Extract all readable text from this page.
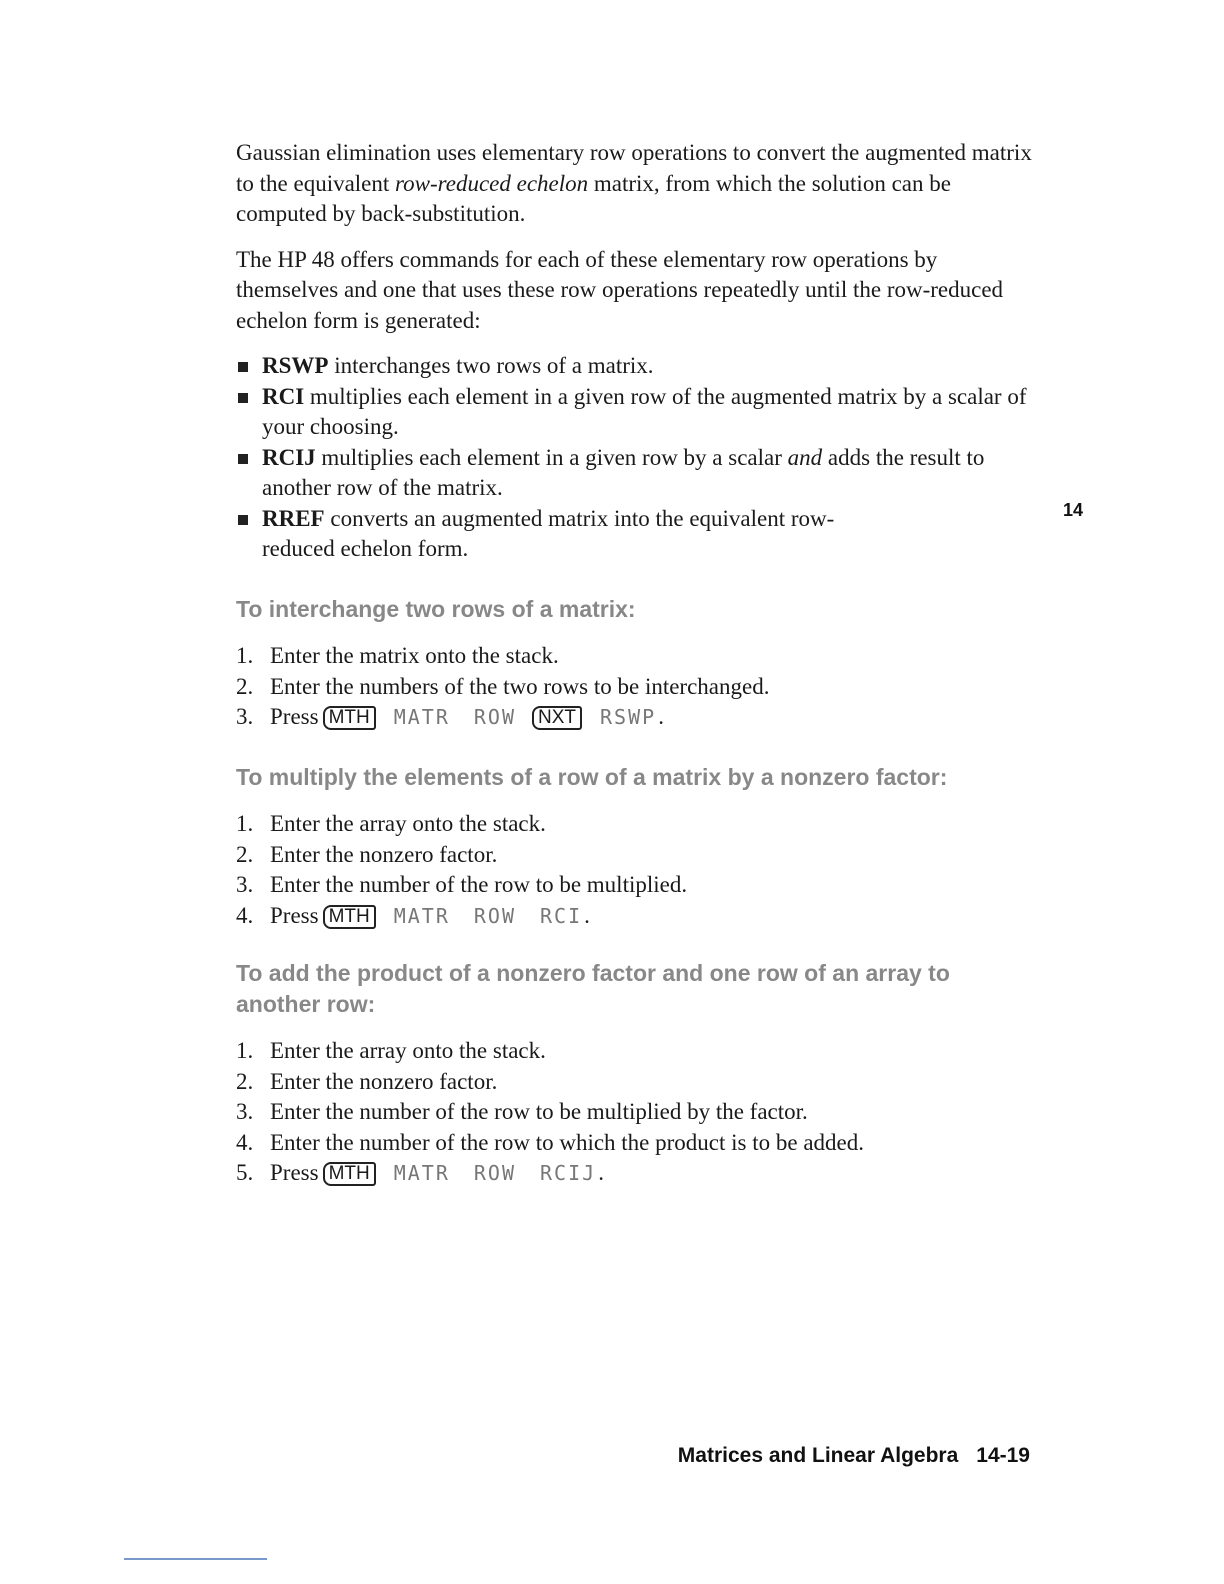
Gaussian elimination uses elementary row operations to convert the augmented matrix to the equivalent row-reduced echelon matrix, from which the solution can be computed by back-substitution.

The HP 48 offers commands for each of these elementary row operations by themselves and one that uses these row operations repeatedly until the row-reduced echelon form is generated:

RSWP interchanges two rows of a matrix.
RCI multiplies each element in a given row of the augmented matrix by a scalar of your choosing.
RCIJ multiplies each element in a given row by a scalar and adds the result to another row of the matrix.
RREF converts an augmented matrix into the equivalent row-reduced echelon form.
To interchange two rows of a matrix:
1. Enter the matrix onto the stack.
2. Enter the numbers of the two rows to be interchanged.
3. Press MTH MATR ROW NXT RSWP.
To multiply the elements of a row of a matrix by a nonzero factor:
1. Enter the array onto the stack.
2. Enter the nonzero factor.
3. Enter the number of the row to be multiplied.
4. Press MTH MATR ROW RCI.
To add the product of a nonzero factor and one row of an array to
another row:
1. Enter the array onto the stack.
2. Enter the nonzero factor.
3. Enter the number of the row to be multiplied by the factor.
4. Enter the number of the row to which the product is to be added.
5. Press MTH MATR ROW RCIJ.
14
Matrices and Linear Algebra 14-19
